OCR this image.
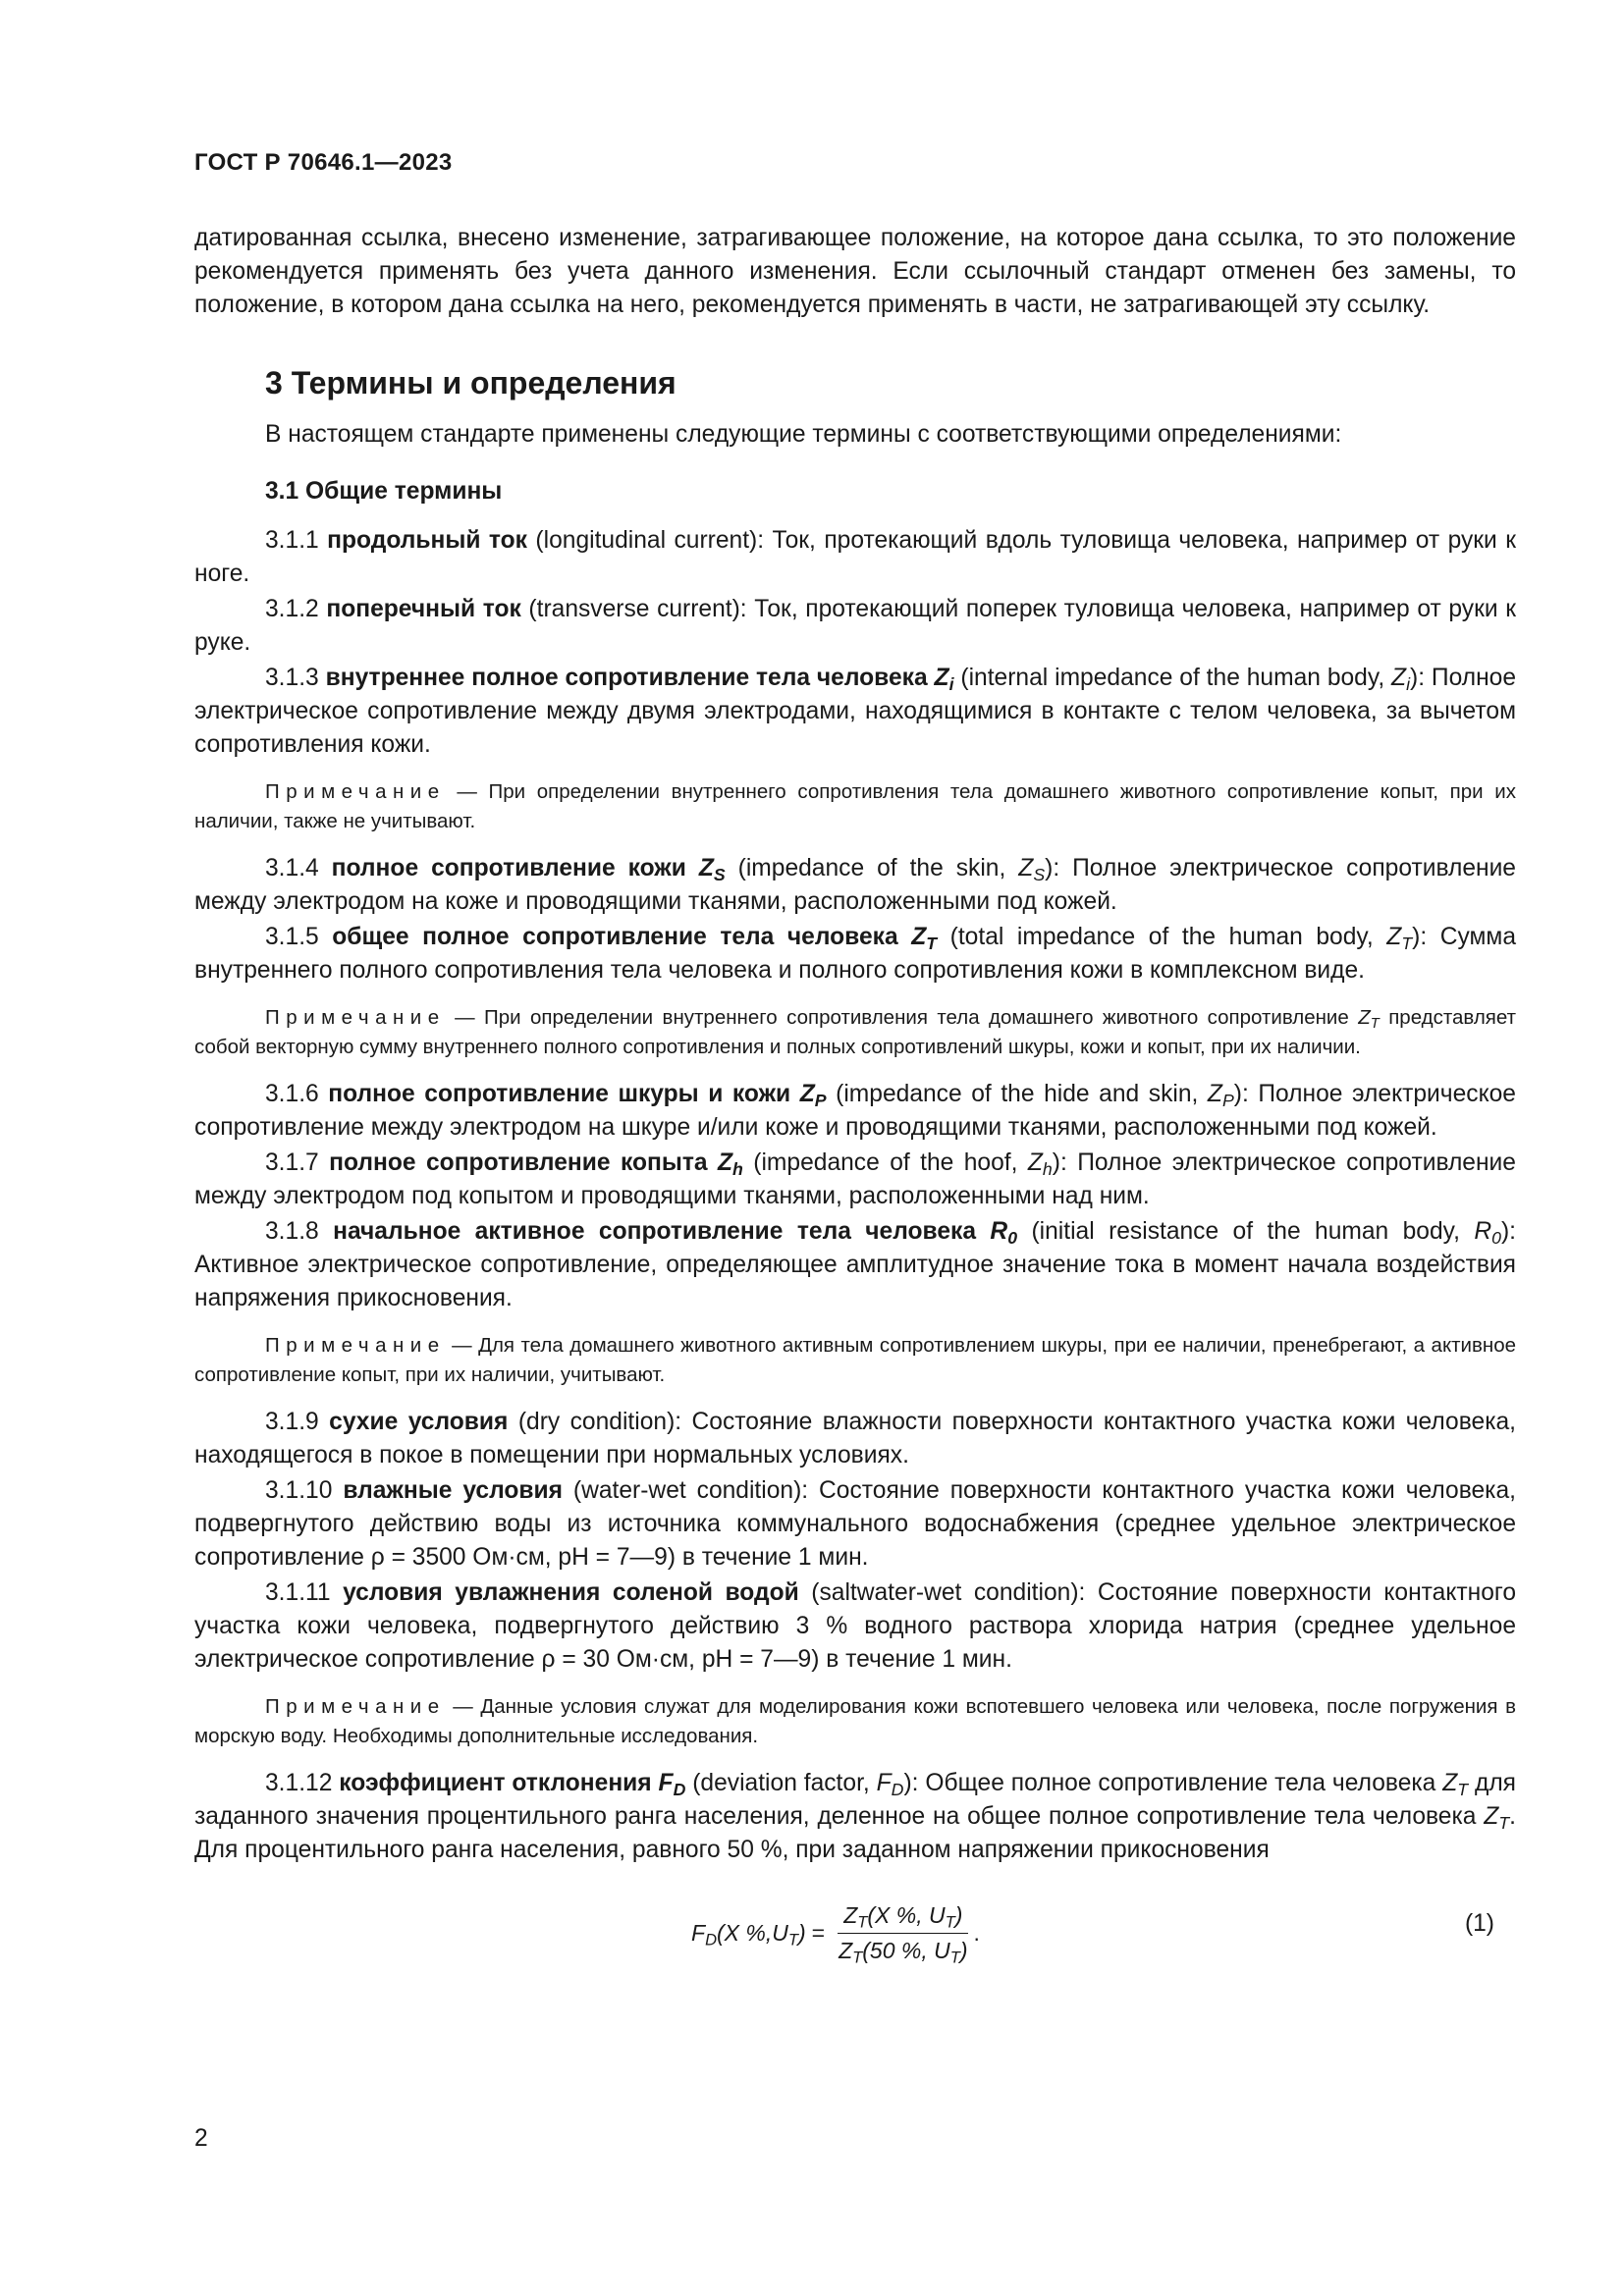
ГОСТ Р 70646.1—2023

датированная ссылка, внесено изменение, затрагивающее положение, на которое дана ссылка, то это положение рекомендуется применять без учета данного изменения. Если ссылочный стандарт отменен без замены, то положение, в котором дана ссылка на него, рекомендуется применять в части, не затрагивающей эту ссылку.

3 Термины и определения

В настоящем стандарте применены следующие термины с соответствующими определениями:

3.1 Общие термины

3.1.1 продольный ток (longitudinal current): Ток, протекающий вдоль туловища человека, например от руки к ноге.

3.1.2 поперечный ток (transverse current): Ток, протекающий поперек туловища человека, например от руки к руке.

3.1.3 внутреннее полное сопротивление тела человека $Z_i$ (internal impedance of the human body, $Z_i$): Полное электрическое сопротивление между двумя электродами, находящимися в контакте с телом человека, за вычетом сопротивления кожи.

Примечание — При определении внутреннего сопротивления тела домашнего животного сопротивление копыт, при их наличии, также не учитывают.

3.1.4 полное сопротивление кожи $Z_S$ (impedance of the skin, $Z_S$): Полное электрическое сопротивление между электродом на коже и проводящими тканями, расположенными под кожей.

3.1.5 общее полное сопротивление тела человека $Z_T$ (total impedance of the human body, $Z_T$): Сумма внутреннего полного сопротивления тела человека и полного сопротивления кожи в комплексном виде.

Примечание — При определении внутреннего сопротивления тела домашнего животного сопротивление $Z_T$ представляет собой векторную сумму внутреннего полного сопротивления и полных сопротивлений шкуры, кожи и копыт, при их наличии.

3.1.6 полное сопротивление шкуры и кожи $Z_P$ (impedance of the hide and skin, $Z_P$): Полное электрическое сопротивление между электродом на шкуре и/или коже и проводящими тканями, расположенными под кожей.

3.1.7 полное сопротивление копыта $Z_h$ (impedance of the hoof, $Z_h$): Полное электрическое сопротивление между электродом под копытом и проводящими тканями, расположенными над ним.

3.1.8 начальное активное сопротивление тела человека $R_0$ (initial resistance of the human body, $R_0$): Активное электрическое сопротивление, определяющее амплитудное значение тока в момент начала воздействия напряжения прикосновения.

Примечание — Для тела домашнего животного активным сопротивлением шкуры, при ее наличии, пренебрегают, а активное сопротивление копыт, при их наличии, учитывают.

3.1.9 сухие условия (dry condition): Состояние влажности поверхности контактного участка кожи человека, находящегося в покое в помещении при нормальных условиях.

3.1.10 влажные условия (water-wet condition): Состояние поверхности контактного участка кожи человека, подвергнутого действию воды из источника коммунального водоснабжения (среднее удельное электрическое сопротивление ρ = 3500 Ом·см, pH = 7—9) в течение 1 мин.

3.1.11 условия увлажнения соленой водой (saltwater-wet condition): Состояние поверхности контактного участка кожи человека, подвергнутого действию 3 % водного раствора хлорида натрия (среднее удельное электрическое сопротивление ρ = 30 Ом·см, pH = 7—9) в течение 1 мин.

Примечание — Данные условия служат для моделирования кожи вспотевшего человека или человека, после погружения в морскую воду. Необходимы дополнительные исследования.

3.1.12 коэффициент отклонения $F_D$ (deviation factor, $F_D$): Общее полное сопротивление тела человека $Z_T$ для заданного значения процентильного ранга населения, деленное на общее полное сопротивление тела человека $Z_T$. Для процентильного ранга населения, равного 50 %, при заданном напряжении прикосновения

$F_D(X$ $\%,U_T) = \frac{Z_T(X \%, U_T)}{Z_T(50 \%, U_T)}$ .	(1)
2
